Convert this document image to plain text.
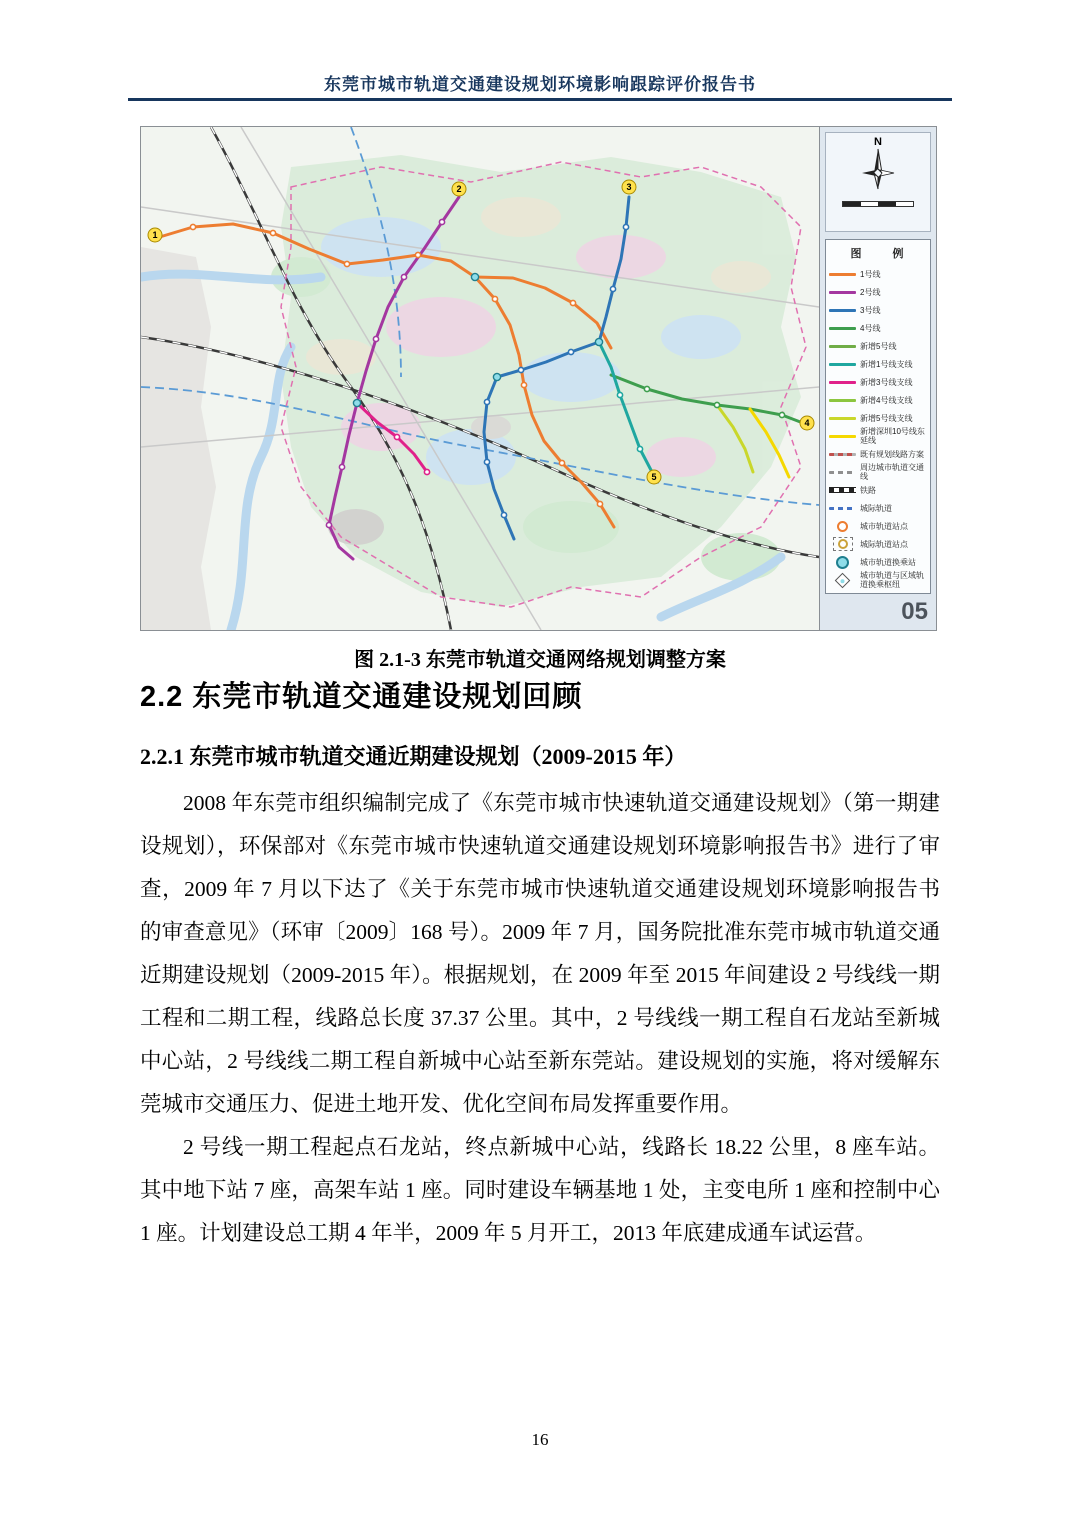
东莞市城市轨道交通建设规划环境影响跟踪评价报告书
1
2	3
4
5
N
图　例
1号线
2号线
3号线
4号线
新增5号线
新增1号线支线
新增3号线支线
新增4号线支线
新增5号线支线
新增深圳10号线东延线
既有规划线路方案
周边城市轨道交通线
铁路
城际轨道
城市轨道站点
城际轨道站点
城市轨道换乘站
城市轨道与区域轨道换乘枢纽
05
图 2.1-3 东莞市轨道交通网络规划调整方案
2.2 东莞市轨道交通建设规划回顾
2.2.1 东莞市城市轨道交通近期建设规划（2009-2015 年）

2008 年东莞市组织编制完成了《东莞市城市快速轨道交通建设规划》（第一期建设规划），环保部对《东莞市城市快速轨道交通建设规划环境影响报告书》进行了审查，2009 年 7 月以下达了《关于东莞市城市快速轨道交通建设规划环境影响报告书的审查意见》（环审〔2009〕168 号）。2009 年 7 月，国务院批准东莞市城市轨道交通近期建设规划（2009-2015 年）。根据规划，在 2009 年至 2015 年间建设 2 号线线一期工程和二期工程，线路总长度 37.37 公里。其中，2 号线线一期工程自石龙站至新城中心站，2 号线线二期工程自新城中心站至新东莞站。建设规划的实施，将对缓解东莞城市交通压力、促进土地开发、优化空间布局发挥重要作用。

2 号线一期工程起点石龙站，终点新城中心站，线路长 18.22 公里，8 座车站。其中地下站 7 座，高架车站 1 座。同时建设车辆基地 1 处，主变电所 1 座和控制中心 1 座。计划建设总工期 4 年半，2009 年 5 月开工，2013 年底建成通车试运营。

16
